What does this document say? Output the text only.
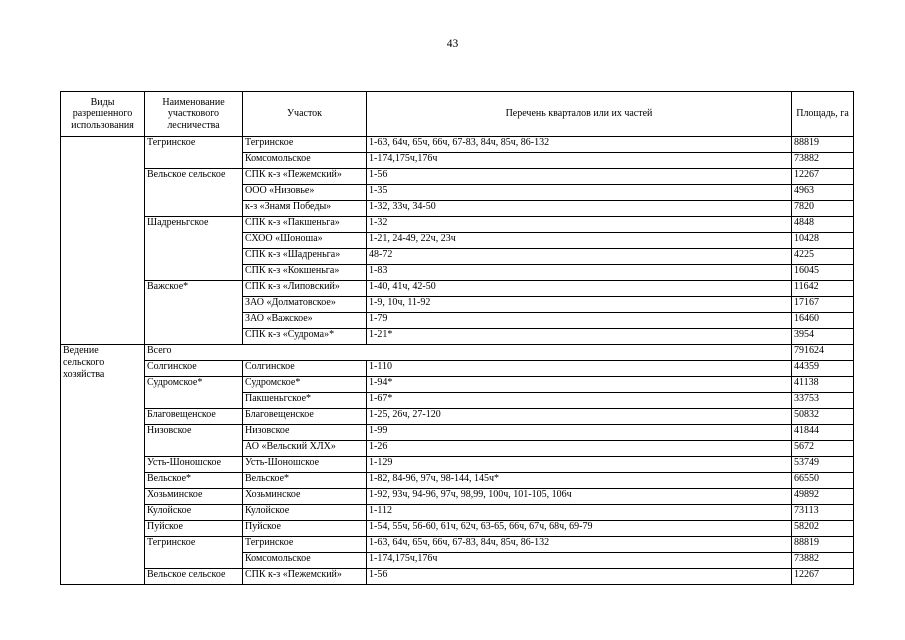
43
Виды разрешенного использования	Наименование участкового лесничества	Участок	Перечень кварталов или их частей	Площадь, га
	Тегринское	Тегринское	1-63, 64ч, 65ч, 66ч, 67-83, 84ч, 85ч, 86-132	88819
		Комсомольское	1-174,175ч,176ч	73882
	Вельское сельское	СПК к-з «Пежемский»	1-56	12267
		ООО «Низовье»	1-35	4963
		к-з «Знамя Победы»	1-32, 33ч, 34-50	7820
	Шадреньгское	СПК к-з «Пакшеньга»	1-32	4848
		СХОО «Шоноша»	1-21, 24-49, 22ч, 23ч	10428
		СПК к-з «Шадреньга»	48-72	4225
		СПК к-з «Кокшеньга»	1-83	16045
	Важское*	СПК к-з «Липовский»	1-40, 41ч, 42-50	11642
		ЗАО «Долматовское»	1-9, 10ч, 11-92	17167
		ЗАО «Важское»	1-79	16460
		СПК к-з «Судрома»*	1-21*	3954
Ведение сельского хозяйства	Всего			791624
	Солгинское	Солгинское	1-110	44359
	Судромское*	Судромское*	1-94*	41138
		Пакшеньгское*	1-67*	33753
	Благовещенское	Благовещенское	1-25, 26ч, 27-120	50832
	Низовское	Низовское	1-99	41844
		АО «Вельский ХЛХ»	1-26	5672
	Усть-Шоношское	Усть-Шоношское	1-129	53749
	Вельское*	Вельское*	1-82, 84-96, 97ч, 98-144, 145ч*	66550
	Хозьминское	Хозьминское	1-92, 93ч, 94-96, 97ч, 98,99, 100ч, 101-105, 106ч	49892
	Кулойское	Кулойское	1-112	73113
	Пуйское	Пуйское	1-54, 55ч, 56-60, 61ч, 62ч, 63-65, 66ч, 67ч, 68ч, 69-79	58202
	Тегринское	Тегринское	1-63, 64ч, 65ч, 66ч, 67-83, 84ч, 85ч, 86-132	88819
		Комсомольское	1-174,175ч,176ч	73882
	Вельское сельское	СПК к-з «Пежемский»	1-56	12267
